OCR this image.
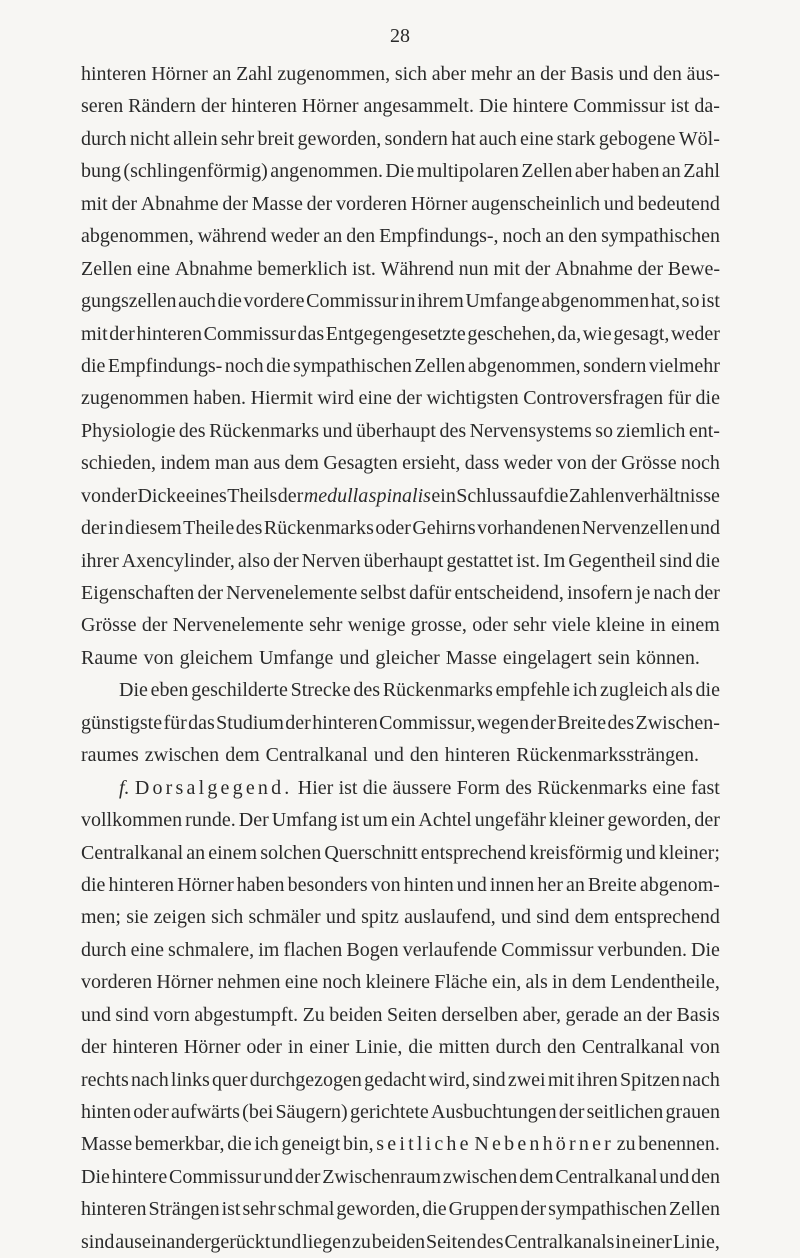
28
hinteren Hörner an Zahl zugenommen, sich aber mehr an der Basis und den äus-
seren Rändern der hinteren Hörner angesammelt. Die hintere Commissur ist da-
durch nicht allein sehr breit geworden, sondern hat auch eine stark gebogene Wöl-
bung (schlingenförmig) angenommen. Die multipolaren Zellen aber haben an Zahl
mit der Abnahme der Masse der vorderen Hörner augenscheinlich und bedeutend
abgenommen, während weder an den Empfindungs-, noch an den sympathischen
Zellen eine Abnahme bemerklich ist. Während nun mit der Abnahme der Bewe-
gungszellen auch die vordere Commissur in ihrem Umfange abgenommen hat, so ist
mit der hinteren Commissur das Entgegengesetzte geschehen, da, wie gesagt, weder
die Empfindungs- noch die sympathischen Zellen abgenommen, sondern vielmehr
zugenommen haben. Hiermit wird eine der wichtigsten Controversfragen für die
Physiologie des Rückenmarks und überhaupt des Nervensystems so ziemlich ent-
schieden, indem man aus dem Gesagten ersieht, dass weder von der Grösse noch
von der Dicke eines Theils der medulla spinalis ein Schluss auf die Zahlenverhältnisse
der in diesem Theile des Rückenmarks oder Gehirns vorhandenen Nervenzellen und
ihrer Axencylinder, also der Nerven überhaupt gestattet ist. Im Gegentheil sind die
Eigenschaften der Nervenelemente selbst dafür entscheidend, insofern je nach der
Grösse der Nervenelemente sehr wenige grosse, oder sehr viele kleine in einem
Raume von gleichem Umfange und gleicher Masse eingelagert sein können.
Die eben geschilderte Strecke des Rückenmarks empfehle ich zugleich als die
günstigste für das Studium der hinteren Commissur, wegen der Breite des Zwischen-
raumes zwischen dem Centralkanal und den hinteren Rückenmarkssträngen.
f. Dorsalgegend. Hier ist die äussere Form des Rückenmarks eine fast
vollkommen runde. Der Umfang ist um ein Achtel ungefähr kleiner geworden, der
Centralkanal an einem solchen Querschnitt entsprechend kreisförmig und kleiner;
die hinteren Hörner haben besonders von hinten und innen her an Breite abgenom-
men; sie zeigen sich schmäler und spitz auslaufend, und sind dem entsprechend
durch eine schmalere, im flachen Bogen verlaufende Commissur verbunden. Die
vorderen Hörner nehmen eine noch kleinere Fläche ein, als in dem Lendentheile,
und sind vorn abgestumpft. Zu beiden Seiten derselben aber, gerade an der Basis
der hinteren Hörner oder in einer Linie, die mitten durch den Centralkanal von
rechts nach links quer durchgezogen gedacht wird, sind zwei mit ihren Spitzen nach
hinten oder aufwärts (bei Säugern) gerichtete Ausbuchtungen der seitlichen grauen
Masse bemerkbar, die ich geneigt bin, seitliche Nebenhörner zu benennen.
Die hintere Commissur und der Zwischenraum zwischen dem Centralkanal und den
hinteren Strängen ist sehr schmal geworden, die Gruppen der sympathischen Zellen
sind auseinandergerückt und liegen zu beiden Seiten des Centralkanals in einer Linie,
